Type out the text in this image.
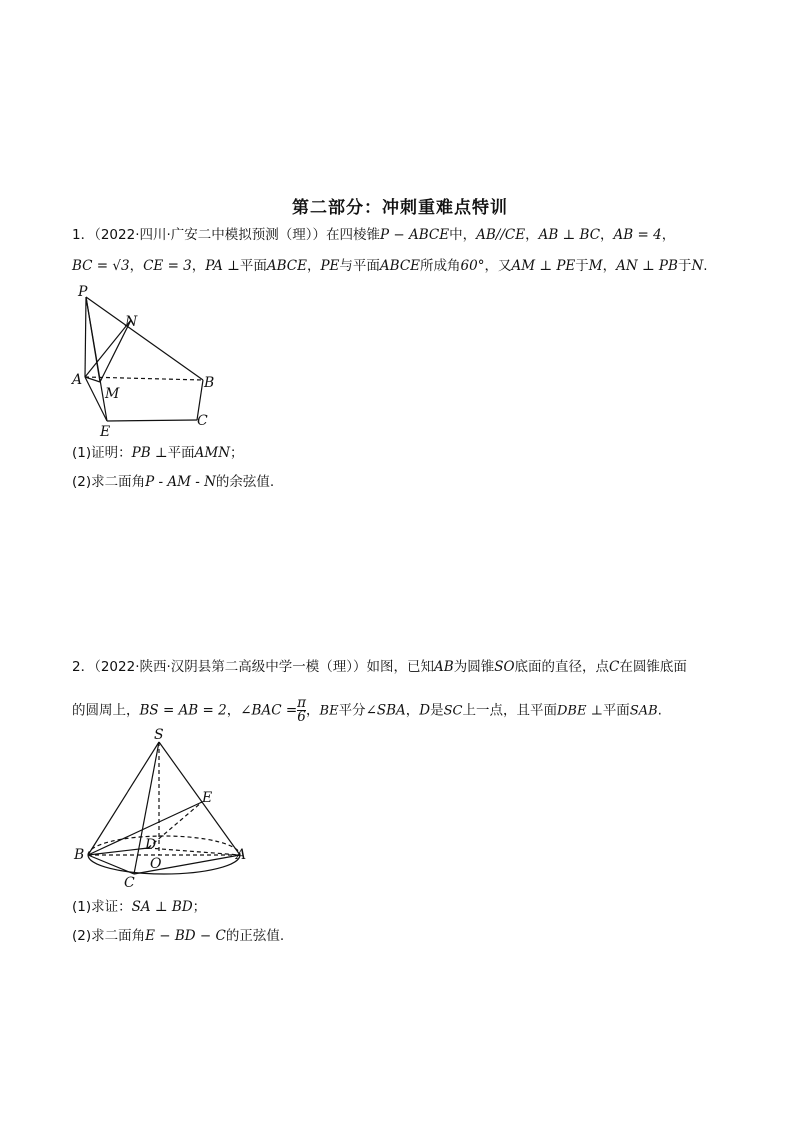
第二部分：冲刺重难点特训
1．（2022·四川·广安二中模拟预测（理））在四棱锥P − ABCE中，AB//CE，AB ⊥ BC，AB = 4，
BC = √3，CE = 3，PA ⊥平面ABCE，PE与平面ABCE所成角60°，又AM ⊥ PE于M，AN ⊥ PB于N.
P
N
A
M
B
E
C
(1)证明：PB ⊥平面AMN；
(2)求二面角P - AM - N的余弦值.
2．（2022·陕西·汉阴县第二高级中学一模（理））如图，已知AB为圆锥SO底面的直径，点C在圆锥底面
的圆周上，BS = AB = 2，∠BAC = $\frac{\pi}{6}$ ，BE平分∠SBA，D是SC上一点，且平面DBE ⊥平面SAB.
S
E
B
D
A
O
C
(1)求证：SA ⊥ BD；
(2)求二面角E − BD − C的正弦值.
